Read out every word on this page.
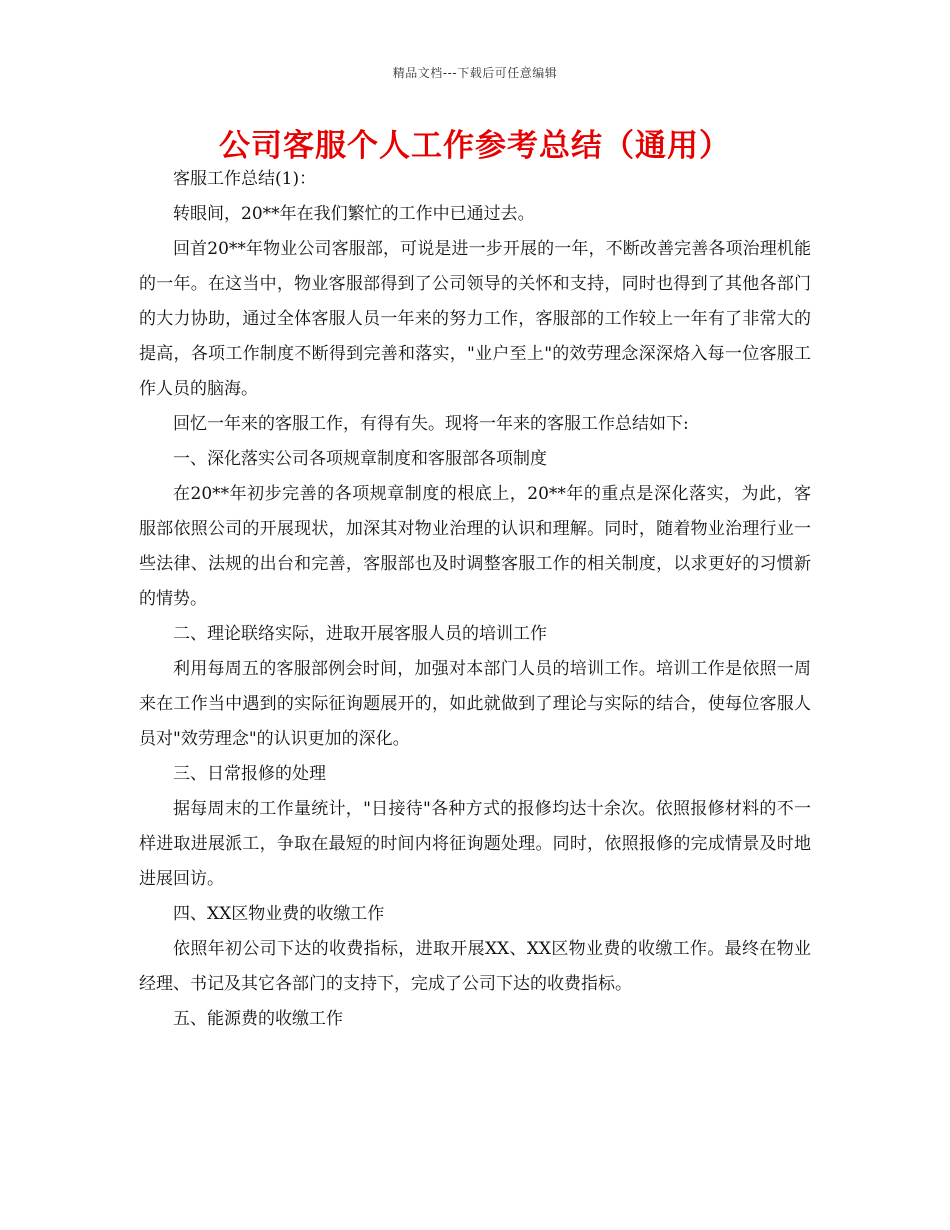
精品文档---下载后可任意编辑
公司客服个人工作参考总结（通用）

客服工作总结(1)：

转眼间，20**年在我们繁忙的工作中已通过去。

回首20**年物业公司客服部，可说是进一步开展的一年，不断改善完善各项治理机能的一年。在这当中，物业客服部得到了公司领导的关怀和支持，同时也得到了其他各部门的大力协助，通过全体客服人员一年来的努力工作，客服部的工作较上一年有了非常大的提高，各项工作制度不断得到完善和落实，"业户至上"的效劳理念深深烙入每一位客服工作人员的脑海。

回忆一年来的客服工作，有得有失。现将一年来的客服工作总结如下:

一、深化落实公司各项规章制度和客服部各项制度

在20**年初步完善的各项规章制度的根底上，20**年的重点是深化落实，为此，客服部依照公司的开展现状，加深其对物业治理的认识和理解。同时，随着物业治理行业一些法律、法规的出台和完善，客服部也及时调整客服工作的相关制度，以求更好的习惯新的情势。

二、理论联络实际，进取开展客服人员的培训工作

利用每周五的客服部例会时间，加强对本部门人员的培训工作。培训工作是依照一周来在工作当中遇到的实际征询题展开的，如此就做到了理论与实际的结合，使每位客服人员对"效劳理念"的认识更加的深化。

三、日常报修的处理

据每周末的工作量统计，"日接待"各种方式的报修均达十余次。依照报修材料的不一样进取进展派工，争取在最短的时间内将征询题处理。同时，依照报修的完成情景及时地进展回访。

四、XX区物业费的收缴工作

依照年初公司下达的收费指标，进取开展XX、XX区物业费的收缴工作。最终在物业经理、书记及其它各部门的支持下，完成了公司下达的收费指标。

五、能源费的收缴工作
